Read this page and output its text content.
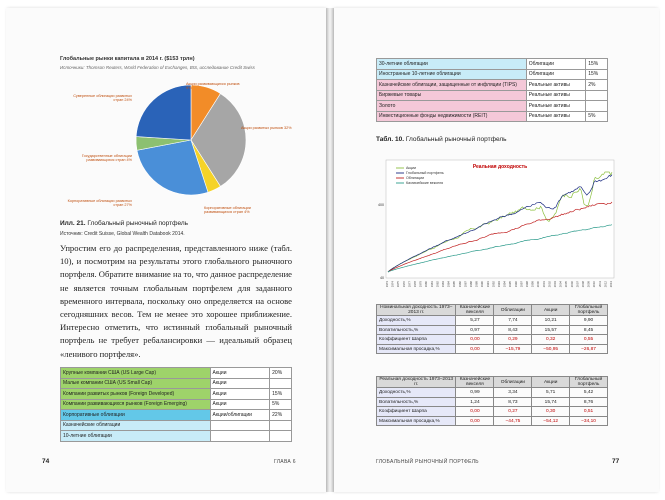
Глобальные рынки капитала в 2014 г. ($153 трлн)
Источники: Thomson Reuters, World Federation of Exchanges, BIS, исследование Credit Swiss
Акции развивающихся рынков 9%
Акции развитых рынков 32%
Корпоративные облигации развивающихся стран 4%
Корпоративные облигации развитых стран 27%
Государственные облигации развивающихся стран 4%
Суверенные облигации развитых стран 24%
Илл. 21. Глобальный рыночный портфель
Источник: Credit Suisse, Global Wealth Databook 2014.
Упростим его до распределения, представленного ниже (табл. 10), и посмотрим на результаты этого глобального рыночного портфеля. Обратите внимание на то, что данное распределение не является точным глобальным портфелем для заданного временного интервала, поскольку оно определяется на основе сегодняшних весов. Тем не менее это хорошее приближение. Интересно отметить, что истинный глобальный рыночный портфель не требует ребалансировки — идеальный образец «ленивого портфеля».
Крупные компании США (US Large Cap)	Акции	20%
Малые компании США (US Small Cap)	Акции	
Компании развитых рынков (Foreign Developed)	Акции	15%
Компании развивающихся рынков (Foreign Emerging)	Акции	5%
Корпоративные облигации	Акции/облигации	22%
Казначейские облигации		
10-летние облигации		
74	ГЛАВА 6
30-летние облигации	Облигации	15%
Иностранные 10-летние облигации	Облигации	15%
Казначейские облигации, защищенные от инфляции (TIPS)	Реальные активы	2%
Биржевые товары	Реальные активы	
Золото	Реальные активы	
Инвестиционные фонды недвижимости (REIT)	Реальные активы	5%
Табл. 10. Глобальный рыночный портфель
Реальная доходность
400
40
Акции
Глобальный портфель
Облигации
Казначейские векселя
1973 1974 1975 1976 1977 1978 1979 1980 1981 1982 1983 1984 1985 1986 1987 1988 1989 1990 1991 1992 1993 1994 1995 1996 1997 1998 1999 2000 2001 2002 2003 2004 2005 2006 2007 2008 2009 2010 2011 2012 2013
Номинальная доходность 1973–2013 гг.	Казначейские векселя	Облигации	Акции	Глобальный портфель
Доходность,%	5,27	7,74	10,21	9,90
Волатильность,%	0,97	8,43	15,57	8,45
Коэффициент Шарпа	0,00	0,29	0,32	0,55
Максимальная просадка,%	0,00	−15,79	−50,95	−26,87
Реальная доходность 1973–2013 гг.	Казначейские векселя	Облигации	Акции	Глобальный портфель
Доходность,%	0,99	3,34	5,71	5,42
Волатильность,%	1,24	8,73	15,74	8,76
Коэффициент Шарпа	0,00	0,27	0,30	0,51
Максимальная просадка,%	0,00	−44,75	−54,12	−34,10
ГЛОБАЛЬНЫЙ РЫНОЧНЫЙ ПОРТФЕЛЬ	77
